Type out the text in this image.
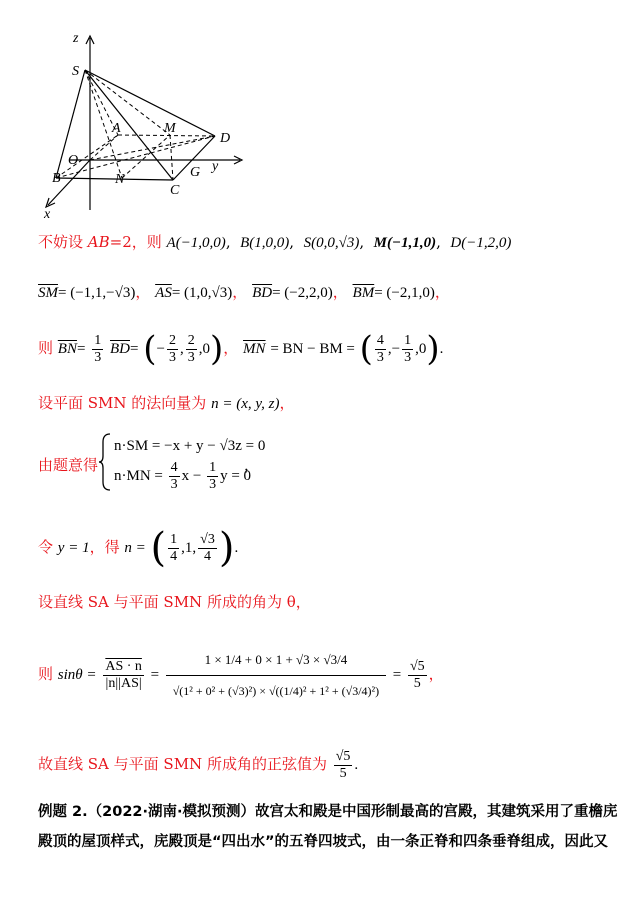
z
y
x
S
A	M
D
O
B	N
C
G
不妨设 AB=2，则 A(−1,0,0),  B(1,0,0),  S(0,0,√3),  M(−1,1,0),  D(−1,2,0)
$\overline{SM}= (-1,1,-√3)$， $\overline{AS}= (1,0,√3)$， $\overline{BD}= (-2,2,0)$， $\overline{BM}= (-2,1,0)$，
则 $\overline{BN}= \frac{1}{3} \overline{BD}=$ (− $\frac{2}{3}$ , $\frac{2}{3} ,0$)， $\overline{MN}$ = BN − BM = ( $\frac{4}{3}$ ,− $\frac{1}{3} ,0$).
设平面 SMN 的法向量为 n = (x, y, z)，
由题意得
n·SM = −x + y − √3z = 0
$n\cdot MN = \frac{4}{3}$ $x - \frac{1}{3}$ y = 0
，
令 y = 1，得 n = ( $\frac{1}{4} ,1$, $\frac{√3}{4}$ ).
设直线 SA 与平面 SMN 所成的角为 θ，
则 $\sin\theta = \frac{AS \cdot n}{|n||AS|} = \frac{1 \times 1/4 + 0 \times 1 + √3 \times √3/4}{\text{√(1² + 0² + (√3)²) × √((1/4)² + 1² + (√3/4)²)}} = \frac{√5}{5}$ ，
故直线 SA 与平面 SMN 所成角的正弦值为 $\frac{√5}{5}$ .
例题 2.（2022·湖南·模拟预测）故宫太和殿是中国形制最高的宫殿，其建筑采用了重檐庑
殿顶的屋顶样式，庑殿顶是“四出水”的五脊四坡式，由一条正脊和四条垂脊组成，因此又
